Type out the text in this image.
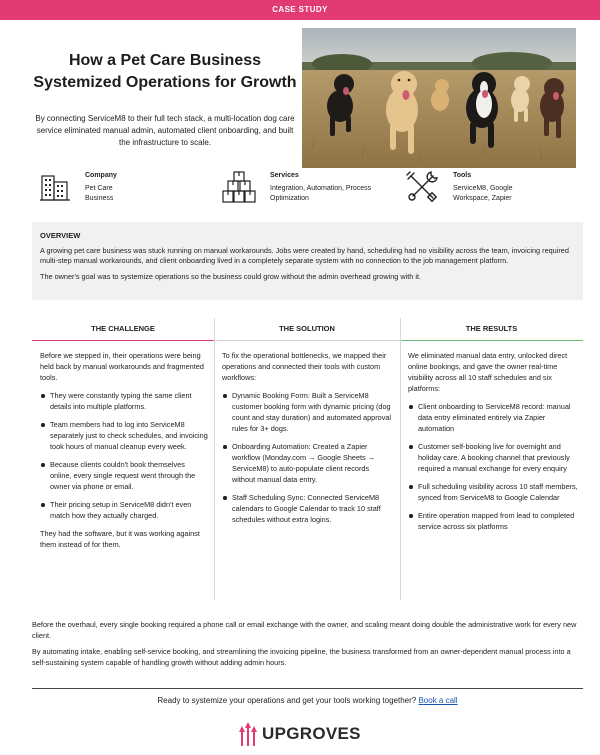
CASE STUDY
How a Pet Care Business
Systemized Operations for Growth
By connecting ServiceM8 to their full tech stack, a multi-location dog care service eliminated manual admin, automated client onboarding, and built the infrastructure to scale.
Company
Pet Care Business
Services
Integration, Automation, Process Optimization
Tools
ServiceM8, Google Workspace, Zapier
OVERVIEW

A growing pet care business was stuck running on manual workarounds. Jobs were created by hand, scheduling had no visibility across the team, invoicing required multi-step manual workarounds, and client onboarding lived in a completely separate system with no connection to the job management platform.

The owner's goal was to systemize operations so the business could grow without the admin overhead growing with it.

THE CHALLENGE	THE SOLUTION	THE RESULTS

Before we stepped in, their operations were being held back by manual workarounds and fragmented tools.

They were constantly typing the same client details into multiple platforms.
Team members had to log into ServiceM8 separately just to check schedules, and invoicing took hours of manual cleanup every week.
Because clients couldn't book themselves online, every single request went through the owner via phone or email.
Their pricing setup in ServiceM8 didn't even match how they actually charged.

They had the software, but it was working against them instead of for them.

To fix the operational bottlenecks, we mapped their operations and connected their tools with custom workflows:

Dynamic Booking Form: Built a ServiceM8 customer booking form with dynamic pricing (dog count and stay duration) and automated approval rules for 3+ dogs.
Onboarding Automation: Created a Zapier workflow (Monday.com → Google Sheets → ServiceM8) to auto-populate client records without manual data entry.
Staff Scheduling Sync: Connected ServiceM8 calendars to Google Calendar to track 10 staff schedules without extra logins.

We eliminated manual data entry, unlocked direct online bookings, and gave the owner real-time visibility across all 10 staff schedules and six platforms:

Client onboarding to ServiceM8 record: manual data entry eliminated entirely via Zapier automation
Customer self-booking live for overnight and holiday care. A booking channel that previously required a manual exchange for every enquiry
Full scheduling visibility across 10 staff members, synced from ServiceM8 to Google Calendar
Entire operation mapped from lead to completed service across six platforms

Before the overhaul, every single booking required a phone call or email exchange with the owner, and scaling meant doing double the administrative work for every new client.

By automating intake, enabling self-service booking, and streamlining the invoicing pipeline, the business transformed from an owner-dependent manual process into a self-sustaining system capable of handling growth without adding admin hours.

Ready to systemize your operations and get your tools working together? Book a call
UPGROVES
